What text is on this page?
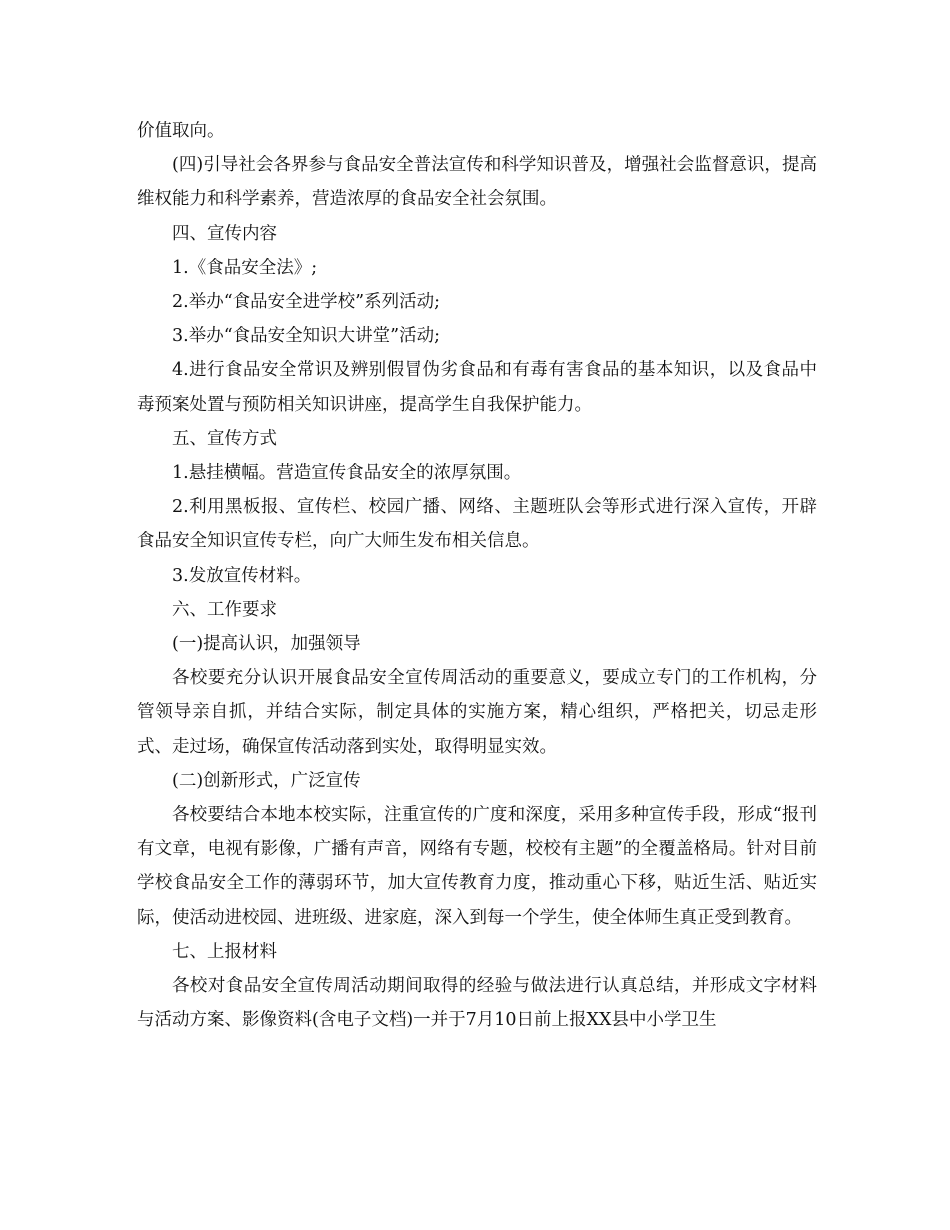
价值取向。

(四)引导社会各界参与食品安全普法宣传和科学知识普及，增强社会监督意识，提高维权能力和科学素养，营造浓厚的食品安全社会氛围。

四、宣传内容

1.《食品安全法》;

2.举办“食品安全进学校”系列活动;

3.举办“食品安全知识大讲堂”活动;

4.进行食品安全常识及辨别假冒伪劣食品和有毒有害食品的基本知识，以及食品中毒预案处置与预防相关知识讲座，提高学生自我保护能力。

五、宣传方式

1.悬挂横幅。营造宣传食品安全的浓厚氛围。

2.利用黑板报、宣传栏、校园广播、网络、主题班队会等形式进行深入宣传，开辟食品安全知识宣传专栏，向广大师生发布相关信息。

3.发放宣传材料。

六、工作要求

(一)提高认识，加强领导

各校要充分认识开展食品安全宣传周活动的重要意义，要成立专门的工作机构，分管领导亲自抓，并结合实际，制定具体的实施方案，精心组织，严格把关，切忌走形式、走过场，确保宣传活动落到实处，取得明显实效。

(二)创新形式，广泛宣传

各校要结合本地本校实际，注重宣传的广度和深度，采用多种宣传手段，形成“报刊有文章，电视有影像，广播有声音，网络有专题，校校有主题”的全覆盖格局。针对目前学校食品安全工作的薄弱环节，加大宣传教育力度，推动重心下移，贴近生活、贴近实际，使活动进校园、进班级、进家庭，深入到每一个学生，使全体师生真正受到教育。

七、上报材料

各校对食品安全宣传周活动期间取得的经验与做法进行认真总结，并形成文字材料与活动方案、影像资料(含电子文档)一并于7月10日前上报XX县中小学卫生
